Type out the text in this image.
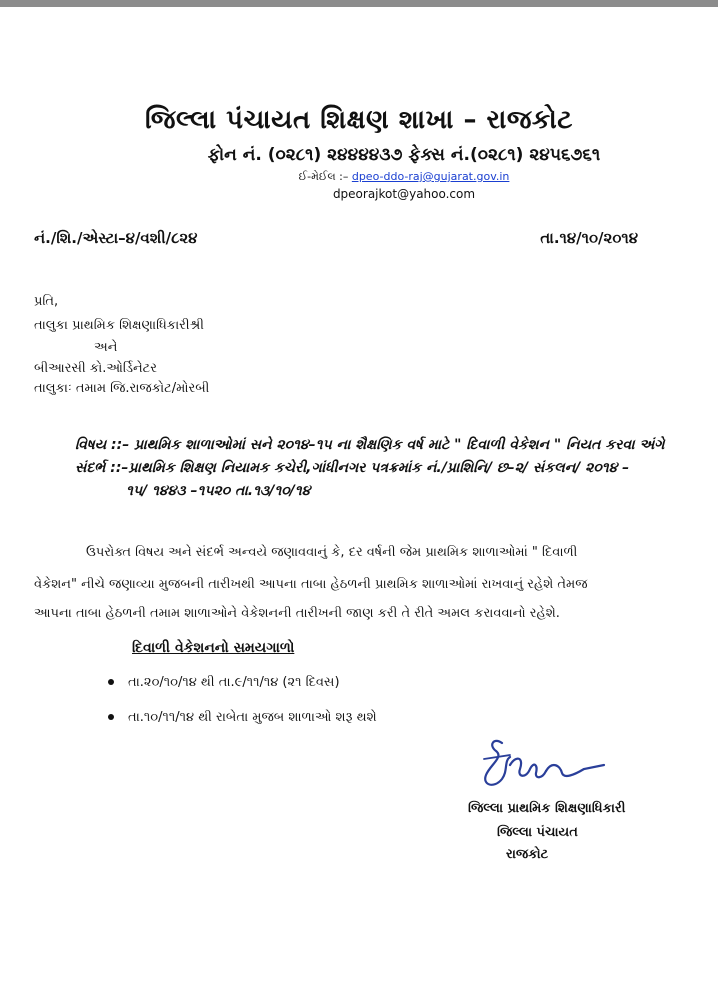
જિલ્લા પંચાયત શિક્ષણ શાખા – રાજકોટ
ફોન નં. (૦૨૮૧) ૨૪૪૪૪૩૭ ફેક્સ નં.(૦૨૮૧) ૨૪૫૬૭૬૧
ઈ-મેઈલ :– dpeo-ddo-raj@gujarat.gov.in
dpeorajkot@yahoo.com
નં./શિ./એસ્ટા–૪/વશી/૮૨૪	તા.૧૪/૧૦/૨૦૧૪
પ્રતિ,
તાલુકા પ્રાથમિક શિક્ષણાધિકારીશ્રી
અને
બીઆરસી કો.ઓર્ડિનેટર
તાલુકાઃ તમામ જિ.રાજકોટ/મોરબી
વિષય ::– પ્રાથમિક શાળાઓમાં સને ૨૦૧૪–૧૫ ના શૈક્ષણિક વર્ષ માટે " દિવાળી વેકેશન " નિયત કરવા અંગે
સંદર્ભ ::–પ્રાથમિક શિક્ષણ નિયામક કચેરી,ગાંધીનગર પત્રક્રમાંક નં./પ્રાશિનિ/ છ–૨/ સંકલન/ ૨૦૧૪ –
૧૫/ ૧૪૪૩ –૧૫૨૦ તા.૧૩/૧૦/૧૪
ઉપરોક્ત વિષય અને સંદર્ભ અન્વયે જણાવવાનું કે, દર વર્ષની જેમ પ્રાથમિક શાળાઓમાં " દિવાળી
વેકેશન" નીચે જણાવ્યા મુજબની તારીખથી આપના તાબા હેઠળની પ્રાથમિક શાળાઓમાં રાખવાનું રહેશે તેમજ
આપના તાબા હેઠળની તમામ શાળાઓને વેકેશનની તારીખની જાણ કરી તે રીતે અમલ કરાવવાનો રહેશે.
દિવાળી વેકેશનનો સમયગાળો
તા.૨૦/૧૦/૧૪ થી તા.૯/૧૧/૧૪ (૨૧ દિવસ)
તા.૧૦/૧૧/૧૪ થી રાબેતા મુજબ શાળાઓ શરૂ થશે
જિલ્લા પ્રાથમિક શિક્ષણાધિકારી
જિલ્લા પંચાયત
રાજકોટ
